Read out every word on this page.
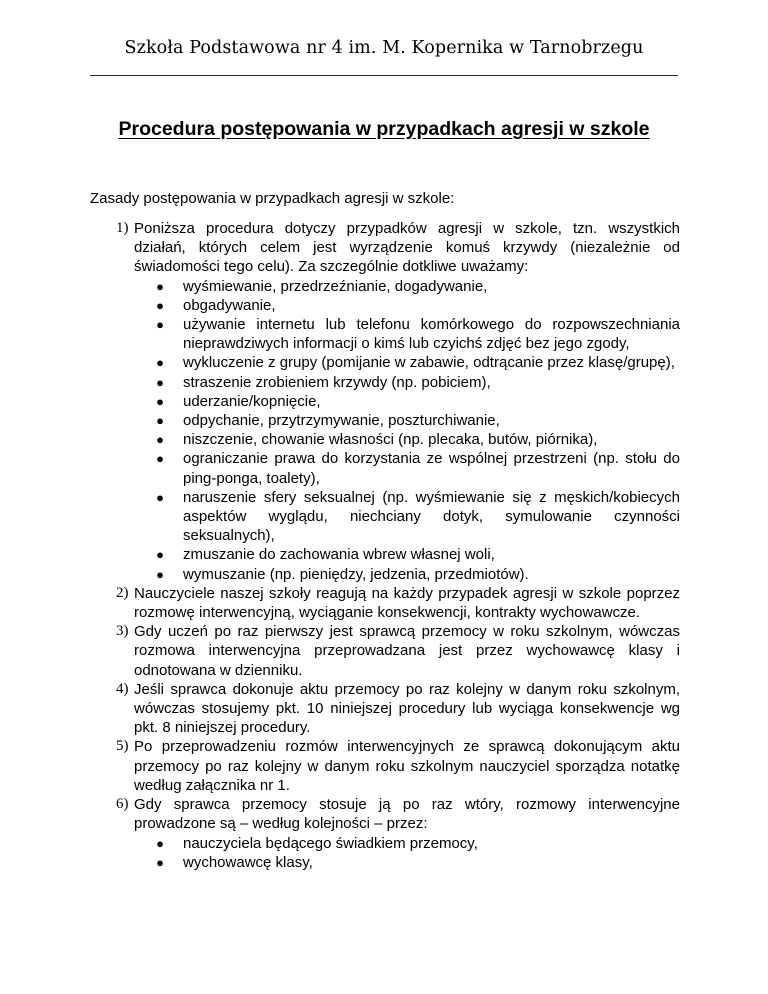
Szkoła Podstawowa nr 4 im. M. Kopernika w Tarnobrzegu
Procedura postępowania w przypadkach agresji w szkole
Zasady postępowania w przypadkach agresji w szkole:
1) Poniższa procedura dotyczy przypadków agresji w szkole, tzn. wszystkich działań, których celem jest wyrządzenie komuś krzywdy (niezależnie od świadomości tego celu). Za szczególnie dotkliwe uważamy:
● wyśmiewanie, przedrzeźnianie, dogadywanie,
● obgadywanie,
● używanie internetu lub telefonu komórkowego do rozpowszechniania nieprawdziwych informacji o kimś lub czyichś zdjęć bez jego zgody,
● wykluczenie z grupy (pomijanie w zabawie, odtrącanie przez klasę/grupę),
● straszenie zrobieniem krzywdy (np. pobiciem),
● uderzanie/kopnięcie,
● odpychanie, przytrzymywanie, poszturchiwanie,
● niszczenie, chowanie własności (np. plecaka, butów, piórnika),
● ograniczanie prawa do korzystania ze wspólnej przestrzeni (np. stołu do ping-ponga, toalety),
● naruszenie sfery seksualnej (np. wyśmiewanie się z męskich/kobiecych aspektów wyglądu, niechciany dotyk, symulowanie czynności seksualnych),
● zmuszanie do zachowania wbrew własnej woli,
● wymuszanie (np. pieniędzy, jedzenia, przedmiotów).
2) Nauczyciele naszej szkoły reagują na każdy przypadek agresji w szkole poprzez rozmowę interwencyjną, wyciąganie konsekwencji, kontrakty wychowawcze.
3) Gdy uczeń po raz pierwszy jest sprawcą przemocy w roku szkolnym, wówczas rozmowa interwencyjna przeprowadzana jest przez wychowawcę klasy i odnotowana w dzienniku.
4) Jeśli sprawca dokonuje aktu przemocy po raz kolejny w danym roku szkolnym, wówczas stosujemy pkt. 10 niniejszej procedury lub wyciąga konsekwencje wg pkt. 8 niniejszej procedury.
5) Po przeprowadzeniu rozmów interwencyjnych ze sprawcą dokonującym aktu przemocy po raz kolejny w danym roku szkolnym nauczyciel sporządza notatkę według załącznika nr 1.
6) Gdy sprawca przemocy stosuje ją po raz wtóry, rozmowy interwencyjne prowadzone są – według kolejności – przez:
● nauczyciela będącego świadkiem przemocy,
● wychowawcę klasy,
